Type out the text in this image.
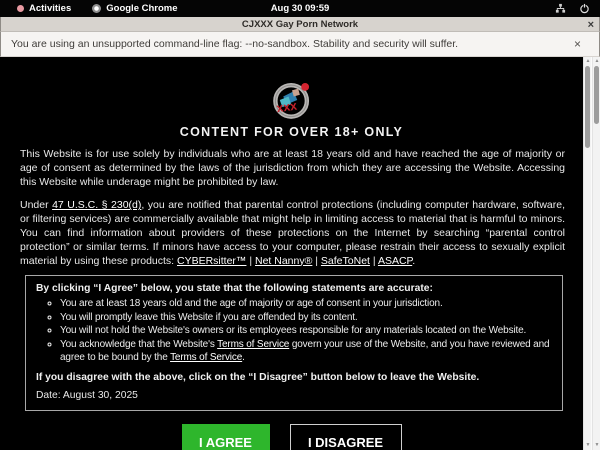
Activities	Google Chrome	Aug 30 09:59
CJXXX Gay Porn Network	×
You are using an unsupported command-line flag: --no-sandbox. Stability and security will suffer.	×
xxx
CONTENT FOR OVER 18+ ONLY

This Website is for use solely by individuals who are at least 18 years old and have reached the age of majority or age of consent as determined by the laws of the jurisdiction from which they are accessing the Website. Accessing this Website while underage might be prohibited by law.

Under 47 U.S.C. § 230(d), you are notified that parental control protections (including computer hardware, software, or filtering services) are commercially available that might help in limiting access to material that is harmful to minors. You can find information about providers of these protections on the Internet by searching “parental control protection” or similar terms. If minors have access to your computer, please restrain their access to sexually explicit material by using these products: CYBERsitter™ | Net Nanny® | SafeToNet | ASACP.

By clicking “I Agree” below, you state that the following statements are accurate:

◦ You are at least 18 years old and the age of majority or age of consent in your jurisdiction.
◦ You will promptly leave this Website if you are offended by its content.
◦ You will not hold the Website's owners or its employees responsible for any materials located on the Website.
◦ You acknowledge that the Website's Terms of Service govern your use of the Website, and you have reviewed and agree to be bound by the Terms of Service.

If you disagree with the above, click on the “I Disagree” button below to leave the Website.

Date: August 30, 2025

I AGREE	I DISAGREE
▲
▼
▲
▼
